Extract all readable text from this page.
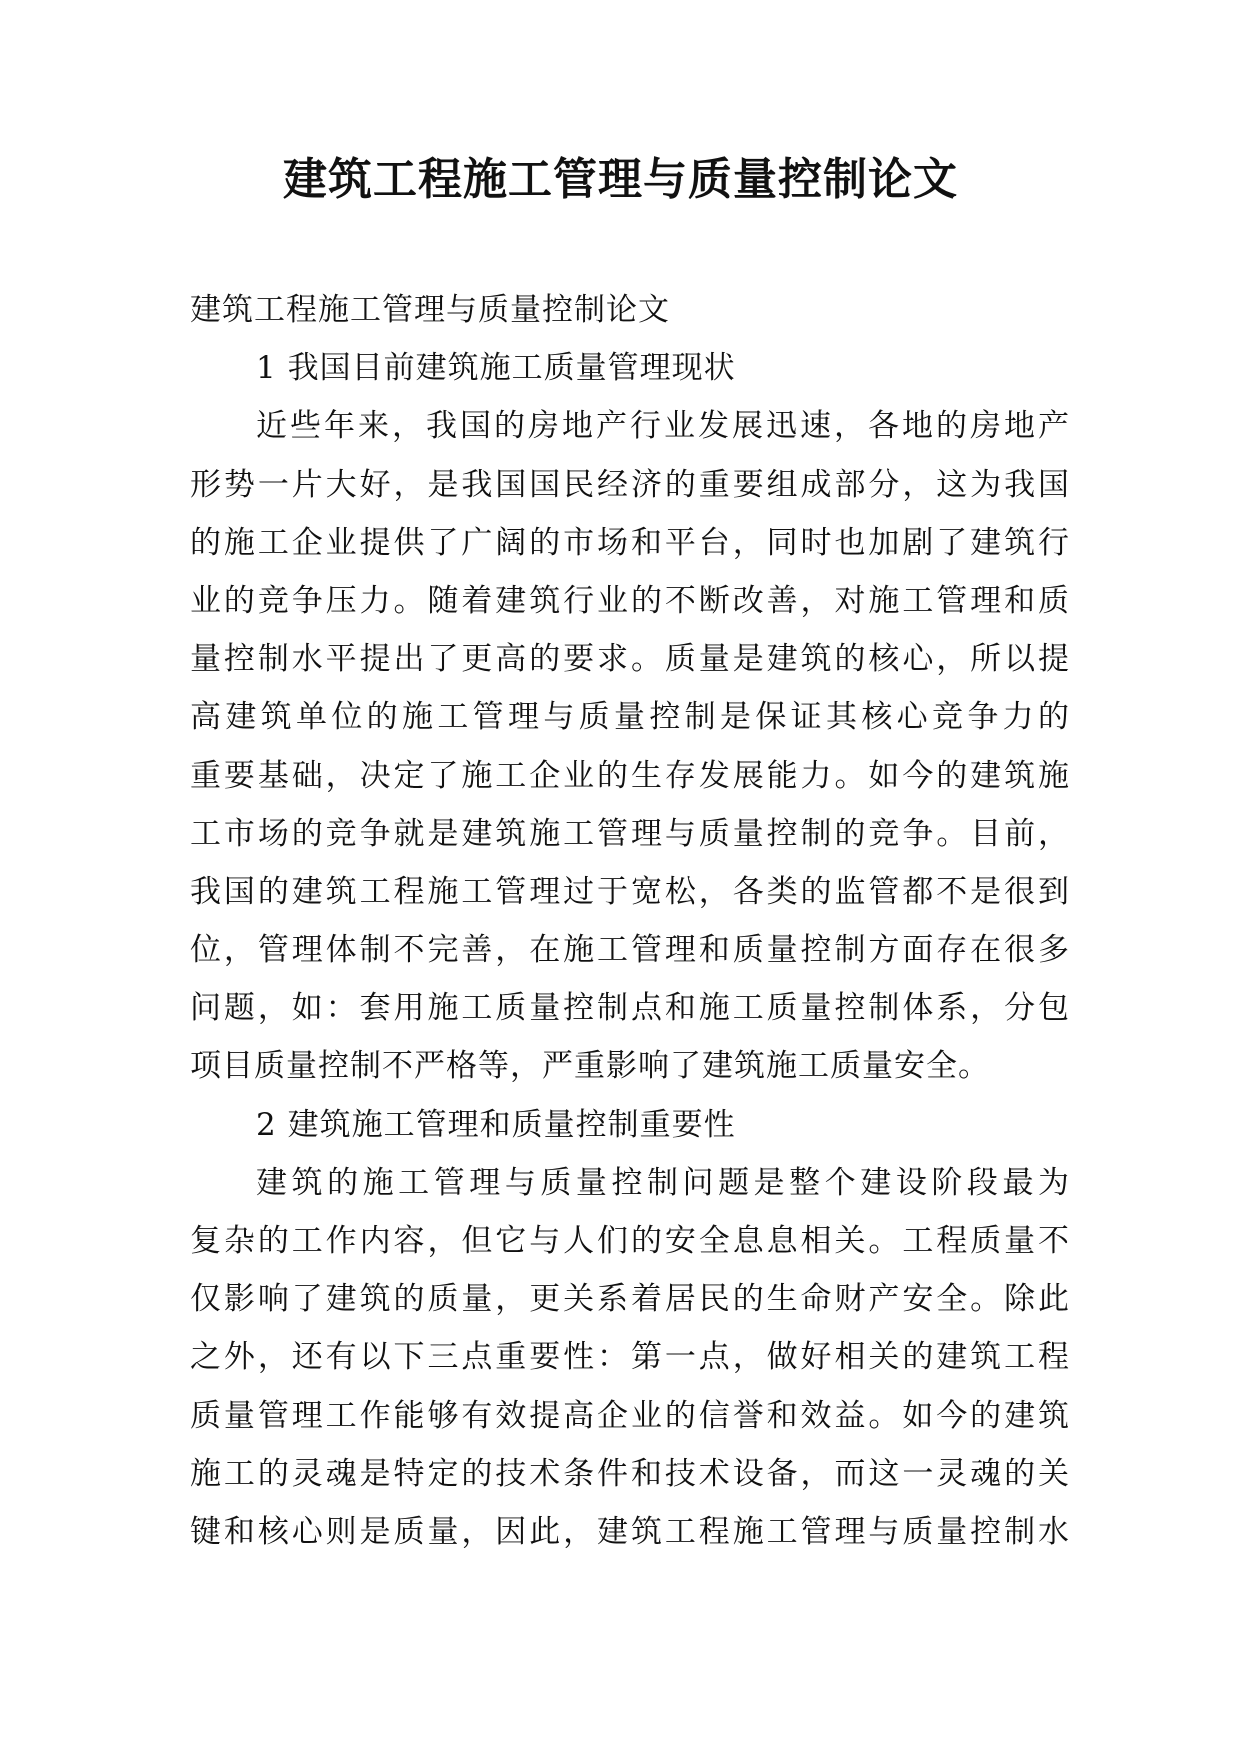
建筑工程施工管理与质量控制论文

建筑工程施工管理与质量控制论文

1 我国目前建筑施工质量管理现状

近些年来，我国的房地产行业发展迅速，各地的房地产

形势一片大好，是我国国民经济的重要组成部分，这为我国

的施工企业提供了广阔的市场和平台，同时也加剧了建筑行

业的竞争压力。随着建筑行业的不断改善，对施工管理和质

量控制水平提出了更高的要求。质量是建筑的核心，所以提

高建筑单位的施工管理与质量控制是保证其核心竞争力的

重要基础，决定了施工企业的生存发展能力。如今的建筑施

工市场的竞争就是建筑施工管理与质量控制的竞争。目前，

我国的建筑工程施工管理过于宽松，各类的监管都不是很到

位，管理体制不完善，在施工管理和质量控制方面存在很多

问题，如：套用施工质量控制点和施工质量控制体系，分包

项目质量控制不严格等，严重影响了建筑施工质量安全。

2 建筑施工管理和质量控制重要性

建筑的施工管理与质量控制问题是整个建设阶段最为

复杂的工作内容，但它与人们的安全息息相关。工程质量不

仅影响了建筑的质量，更关系着居民的生命财产安全。除此

之外，还有以下三点重要性：第一点，做好相关的建筑工程

质量管理工作能够有效提高企业的信誉和效益。如今的建筑

施工的灵魂是特定的技术条件和技术设备，而这一灵魂的关

键和核心则是质量，因此，建筑工程施工管理与质量控制水
